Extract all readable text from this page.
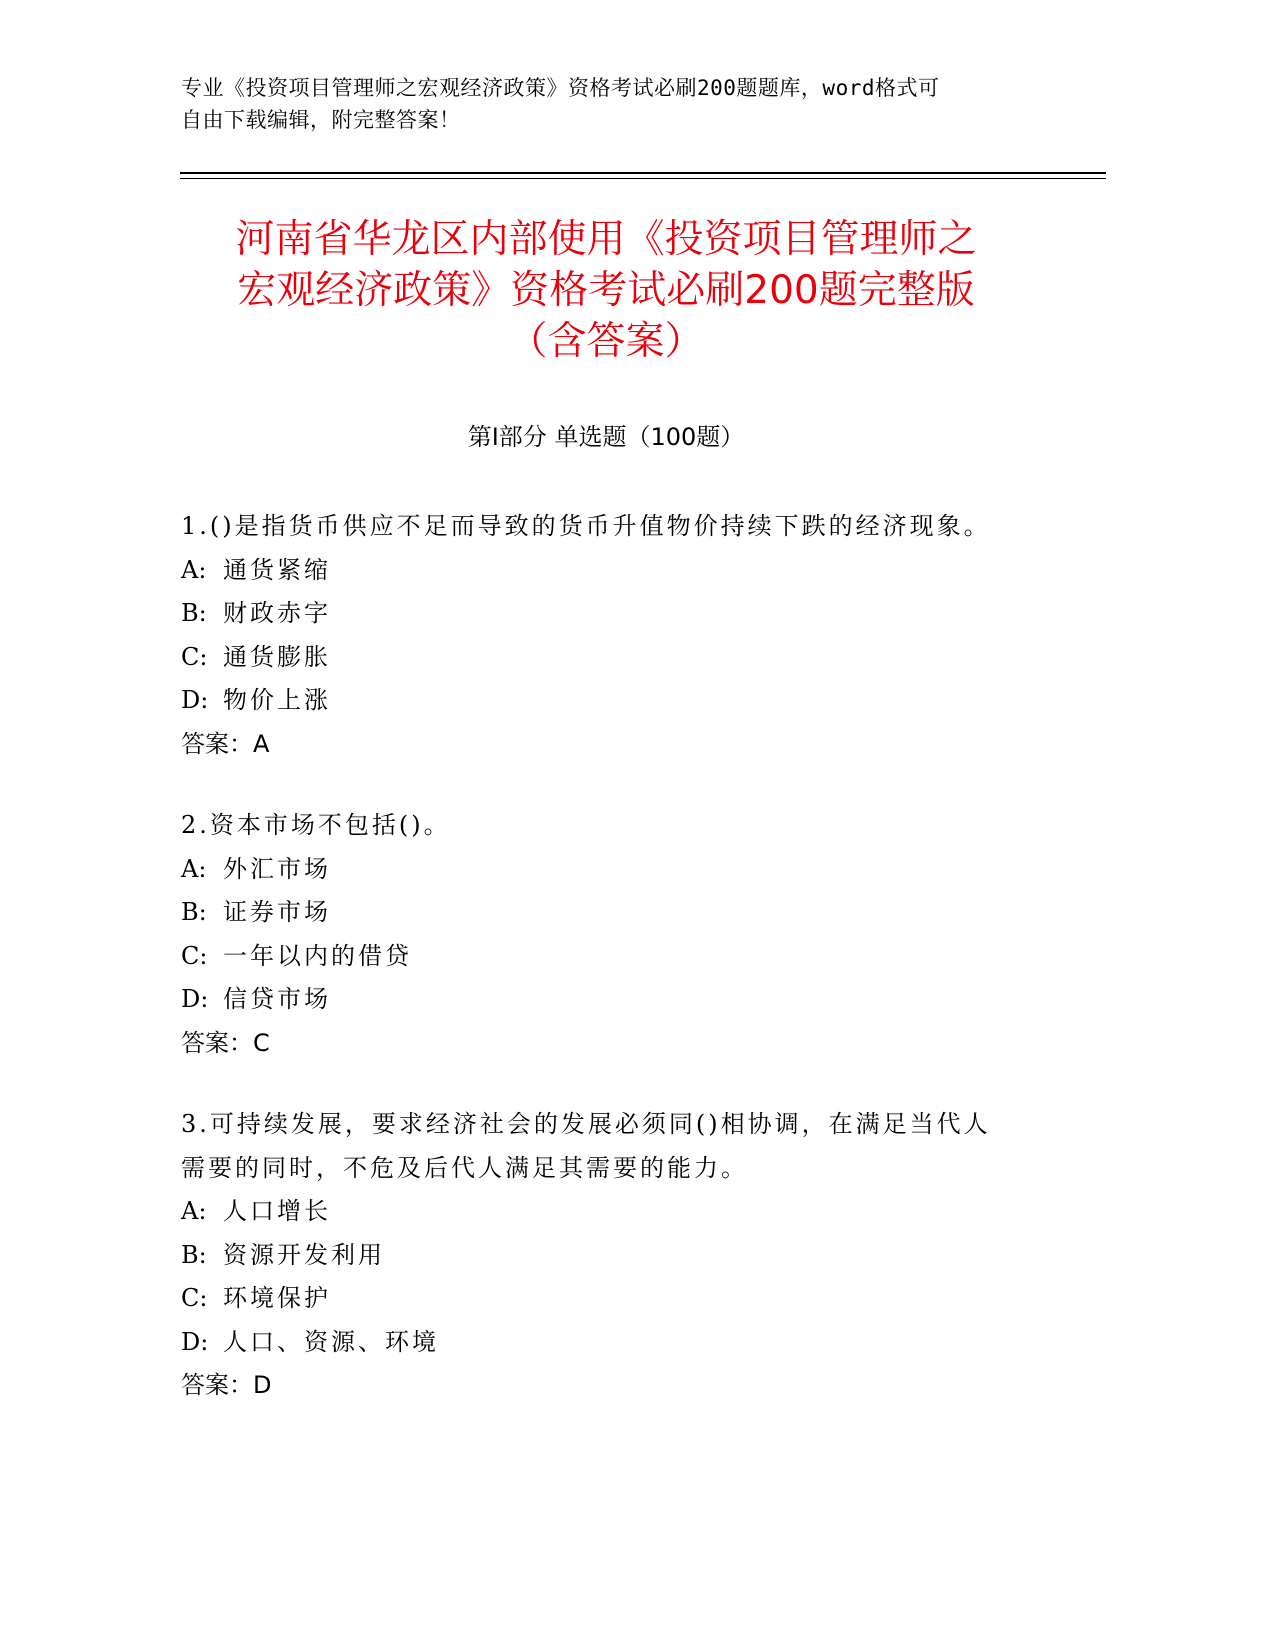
专业《投资项目管理师之宏观经济政策》资格考试必刷200题题库，word格式可
自由下载编辑，附完整答案！
河南省华龙区内部使用《投资项目管理师之
宏观经济政策》资格考试必刷200题完整版
（含答案）
第I部分 单选题（100题）
1.()是指货币供应不足而导致的货币升值物价持续下跌的经济现象。
A: 通货紧缩
B: 财政赤字
C: 通货膨胀
D: 物价上涨
答案：A
2.资本市场不包括()。
A: 外汇市场
B: 证券市场
C: 一年以内的借贷
D: 信贷市场
答案：C
3.可持续发展，要求经济社会的发展必须同()相协调，在满足当代人
需要的同时，不危及后代人满足其需要的能力。
A: 人口增长
B: 资源开发利用
C: 环境保护
D: 人口、资源、环境
答案：D
